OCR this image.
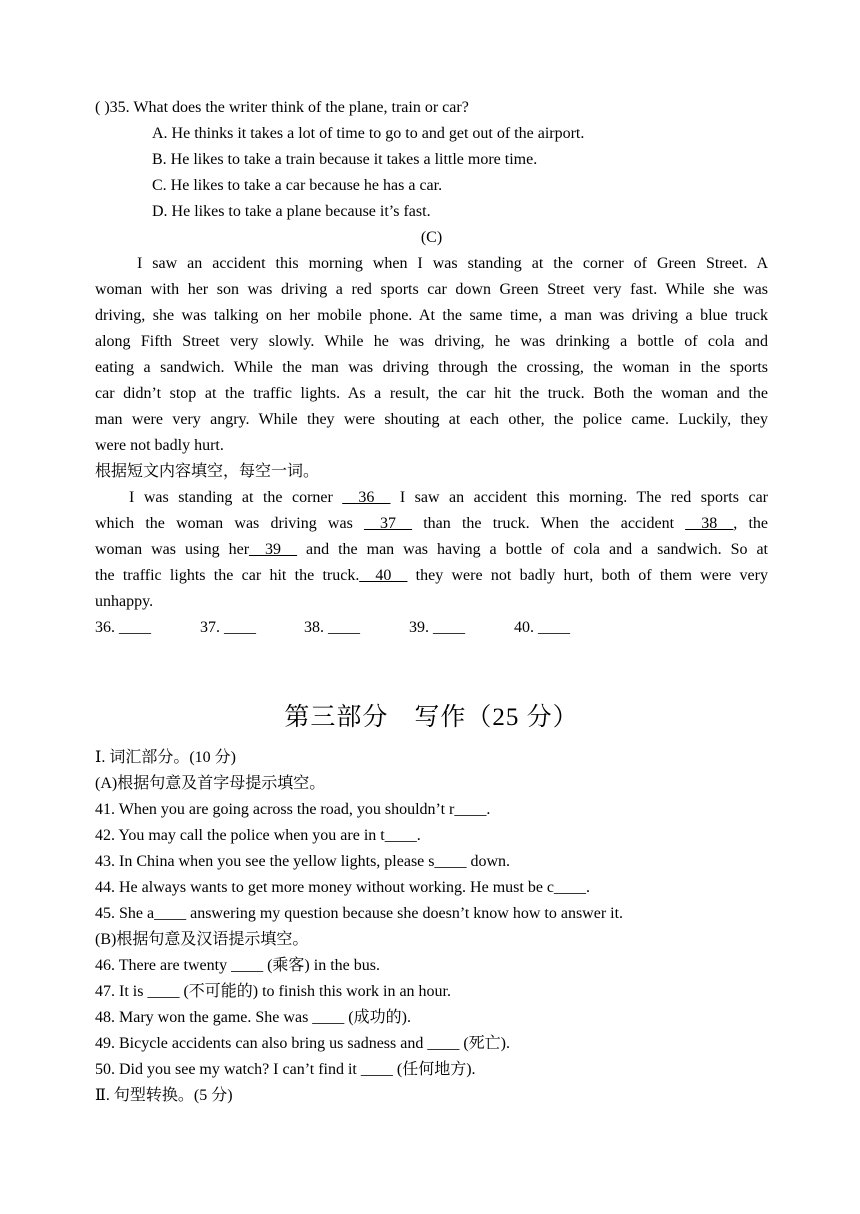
( )35. What does the writer think of the plane, train or car?
A. He thinks it takes a lot of time to go to and get out of the airport.
B. He likes to take a train because it takes a little more time.
C. He likes to take a car because he has a car.
D. He likes to take a plane because it’s fast.
(C)
I saw an accident this morning when I was standing at the corner of Green Street. A
woman with her son was driving a red sports car down Green Street very fast. While she was
driving, she was talking on her mobile phone. At the same time, a man was driving a blue truck
along Fifth Street very slowly. While he was driving, he was drinking a bottle of cola and
eating a sandwich. While the man was driving through the crossing, the woman in the sports
car didn’t stop at the traffic lights. As a result, the car hit the truck. Both the woman and the
man were very angry. While they were shouting at each other, the police came. Luckily, they
were not badly hurt.
根据短文内容填空，每空一词。
I was standing at the corner __36__ I saw an accident this morning. The red sports car
which the woman was driving was __37__ than the truck. When the accident __38__, the
woman was using her__39__ and the man was having a bottle of cola and a sandwich. So at
the traffic lights the car hit the truck.__40__ they were not badly hurt, both of them were very
unhappy.
36. ____	37. ____	38. ____	39. ____	40. ____
第三部分　写作（25 分）
Ⅰ. 词汇部分。(10 分)
(A)根据句意及首字母提示填空。
41. When you are going across the road, you shouldn’t r____.
42. You may call the police when you are in t____.
43. In China when you see the yellow lights, please s____ down.
44. He always wants to get more money without working. He must be c____.
45. She a____ answering my question because she doesn’t know how to answer it.
(B)根据句意及汉语提示填空。
46. There are twenty ____ (乘客) in the bus.
47. It is ____ (不可能的) to finish this work in an hour.
48. Mary won the game. She was ____ (成功的).
49. Bicycle accidents can also bring us sadness and ____ (死亡).
50. Did you see my watch? I can’t find it ____ (任何地方).
Ⅱ. 句型转换。(5 分)
